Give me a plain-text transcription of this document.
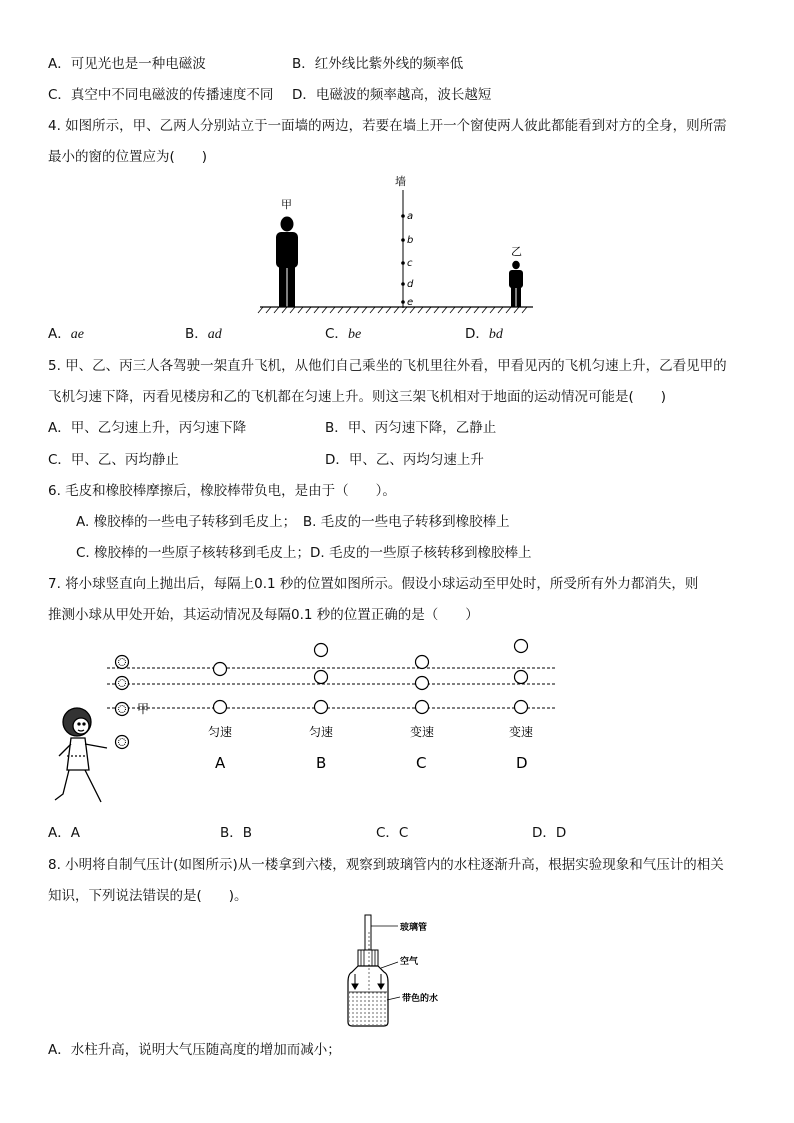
A．可见光也是一种电磁波	B．红外线比紫外线的频率低
C．真空中不同电磁波的传播速度不同 D．电磁波的频率越高，波长越短
4. 如图所示，甲、乙两人分别站立于一面墙的两边，若要在墙上开一个窗使两人彼此都能看到对方的全身，则所需
最小的窗的位置应为(　　)
墙
a
b
c
d
e
甲
乙
A．ae	B．ad	C．be	D．bd
5. 甲、乙、丙三人各驾驶一架直升飞机，从他们自己乘坐的飞机里往外看，甲看见丙的飞机匀速上升，乙看见甲的
飞机匀速下降，丙看见楼房和乙的飞机都在匀速上升。则这三架飞机相对于地面的运动情况可能是(　　)
A．甲、乙匀速上升，丙匀速下降	B．甲、丙匀速下降，乙静止
C．甲、乙、丙均静止	D．甲、乙、丙均匀速上升
6. 毛皮和橡胶棒摩擦后，橡胶棒带负电，是由于（　　）。
A. 橡胶棒的一些电子转移到毛皮上；　B. 毛皮的一些电子转移到橡胶棒上
C. 橡胶棒的一些原子核转移到毛皮上；D. 毛皮的一些原子核转移到橡胶棒上
7. 将小球竖直向上抛出后，每隔上0.1 秒的位置如图所示。假设小球运动至甲处时，所受所有外力都消失，则
推测小球从甲处开始，其运动情况及每隔0.1 秒的位置正确的是（　　）
甲
匀速	匀速	变速	变速
A	B	C	D
A．A	B．B	C．C	D．D
8. 小明将自制气压计(如图所示)从一楼拿到六楼，观察到玻璃管内的水柱逐渐升高，根据实验现象和气压计的相关
知识，下列说法错误的是(　　)。
玻璃管
空气
带色的水
A．水柱升高，说明大气压随高度的增加而减小；
